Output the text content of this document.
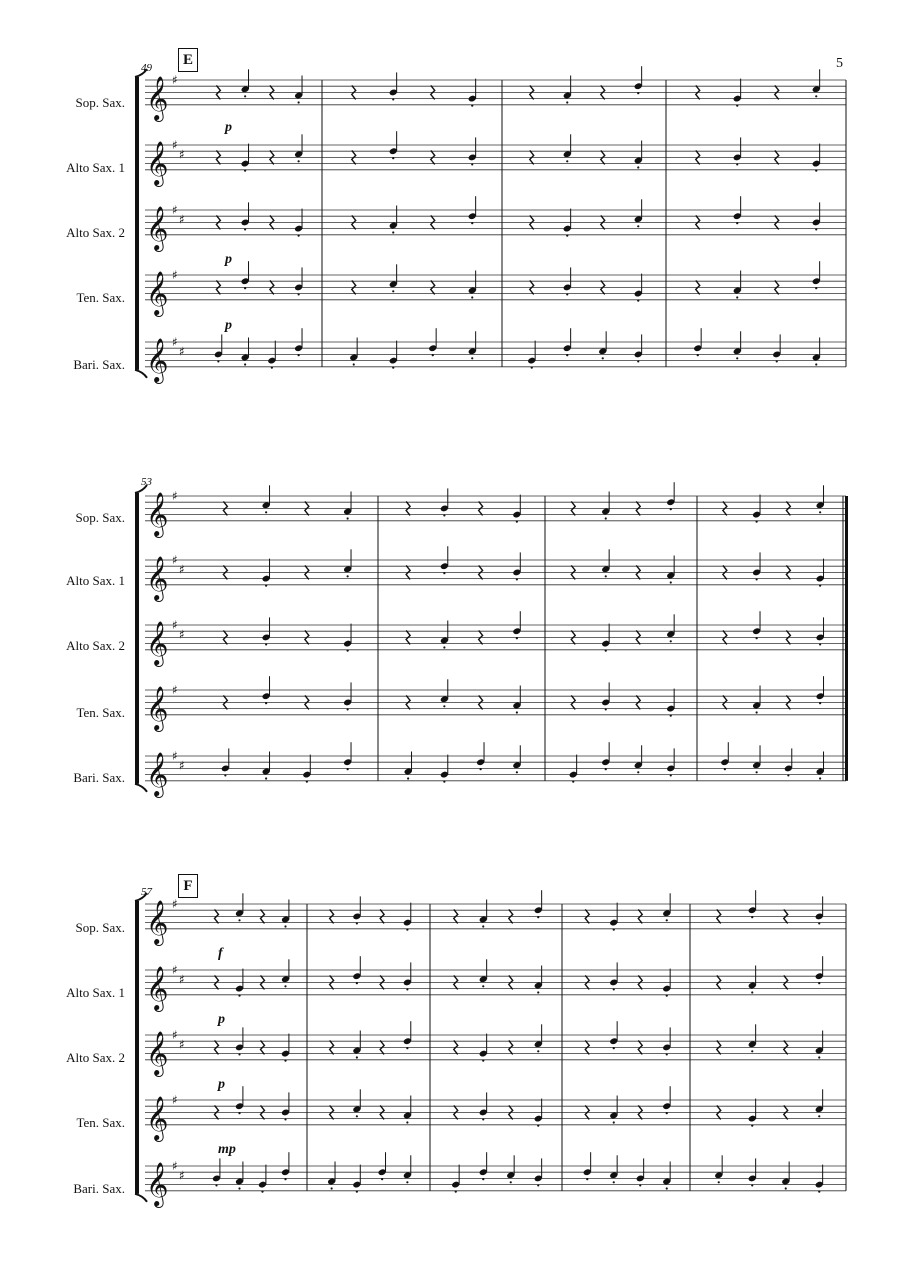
5
49	E
Sop. Sax.
Alto Sax. 1
Alto Sax. 2
Ten. Sax.
Bari. Sax.
p
p
p
53
Sop. Sax.
Alto Sax. 1
Alto Sax. 2
Ten. Sax.
Bari. Sax.
57	F
Sop. Sax.
Alto Sax. 1
Alto Sax. 2
Ten. Sax.
Bari. Sax.
f
p
p
mp
𝄞 ♯
𝄞 ♯
♯
𝄞 ♯
♯
𝄞 ♯
𝄞 ♯
♯
𝄞 ♯
𝄞 ♯
♯
𝄞 ♯
♯
𝄞 ♯
𝄞 ♯
♯
𝄞 ♯
𝄞 ♯
♯
𝄞 ♯
♯
𝄞 ♯
𝄞 ♯
♯
